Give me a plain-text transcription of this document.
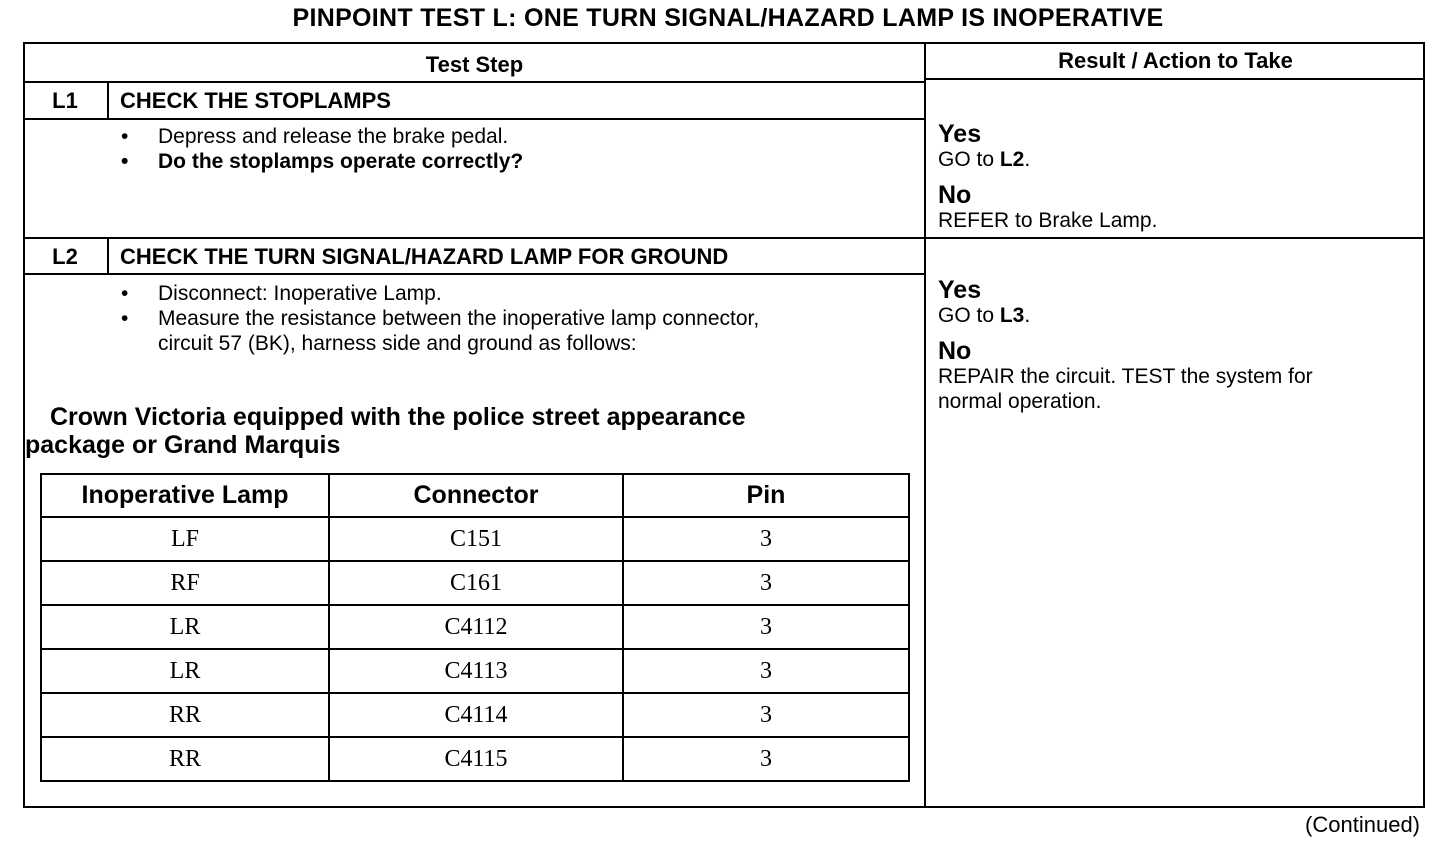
PINPOINT TEST L: ONE TURN SIGNAL/HAZARD LAMP IS INOPERATIVE
Test Step	Result / Action to Take
L1	CHECK THE STOPLAMPS
• Depress and release the brake pedal.
• Do the stoplamps operate correctly?
Yes
GO to L2.
No
REFER to Brake Lamp.
L2	CHECK THE TURN SIGNAL/HAZARD LAMP FOR GROUND
• Disconnect: Inoperative Lamp.
• Measure the resistance between the inoperative lamp connector,
circuit 57 (BK), harness side and ground as follows:
Yes
GO to L3.
No
REPAIR the circuit. TEST the system for
normal operation.
Crown Victoria equipped with the police street appearance
package or Grand Marquis
Inoperative Lamp	Connector	Pin
LF	C151	3
RF	C161	3
LR	C4112	3
LR	C4113	3
RR	C4114	3
RR	C4115	3
(Continued)
